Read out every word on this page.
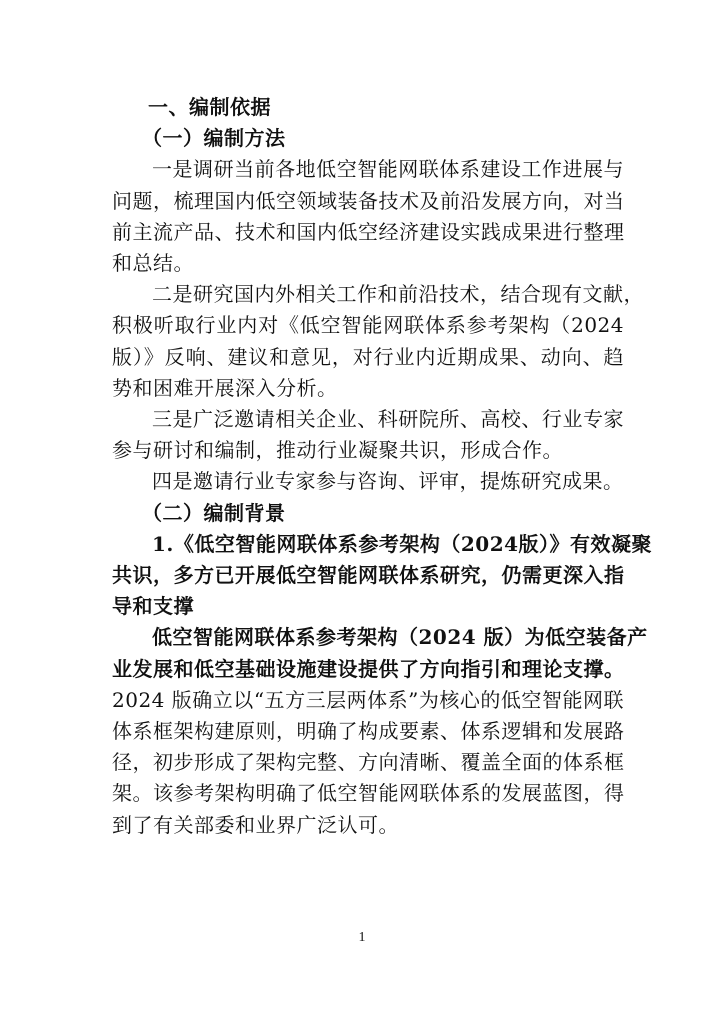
一、编制依据
（一）编制方法
一是调研当前各地低空智能网联体系建设工作进展与
问题，梳理国内低空领域装备技术及前沿发展方向，对当
前主流产品、技术和国内低空经济建设实践成果进行整理
和总结。
二是研究国内外相关工作和前沿技术，结合现有文献，
积极听取行业内对《低空智能网联体系参考架构（2024
版）》反响、建议和意见，对行业内近期成果、动向、趋
势和困难开展深入分析。
三是广泛邀请相关企业、科研院所、高校、行业专家
参与研讨和编制，推动行业凝聚共识，形成合作。
四是邀请行业专家参与咨询、评审，提炼研究成果。
（二）编制背景
1.《低空智能网联体系参考架构（2024版）》有效凝聚
共识，多方已开展低空智能网联体系研究，仍需更深入指
导和支撑
低空智能网联体系参考架构（2024 版）为低空装备产
业发展和低空基础设施建设提供了方向指引和理论支撑。
2024 版确立以“五方三层两体系”为核心的低空智能网联
体系框架构建原则，明确了构成要素、体系逻辑和发展路
径，初步形成了架构完整、方向清晰、覆盖全面的体系框
架。该参考架构明确了低空智能网联体系的发展蓝图，得
到了有关部委和业界广泛认可。
1
